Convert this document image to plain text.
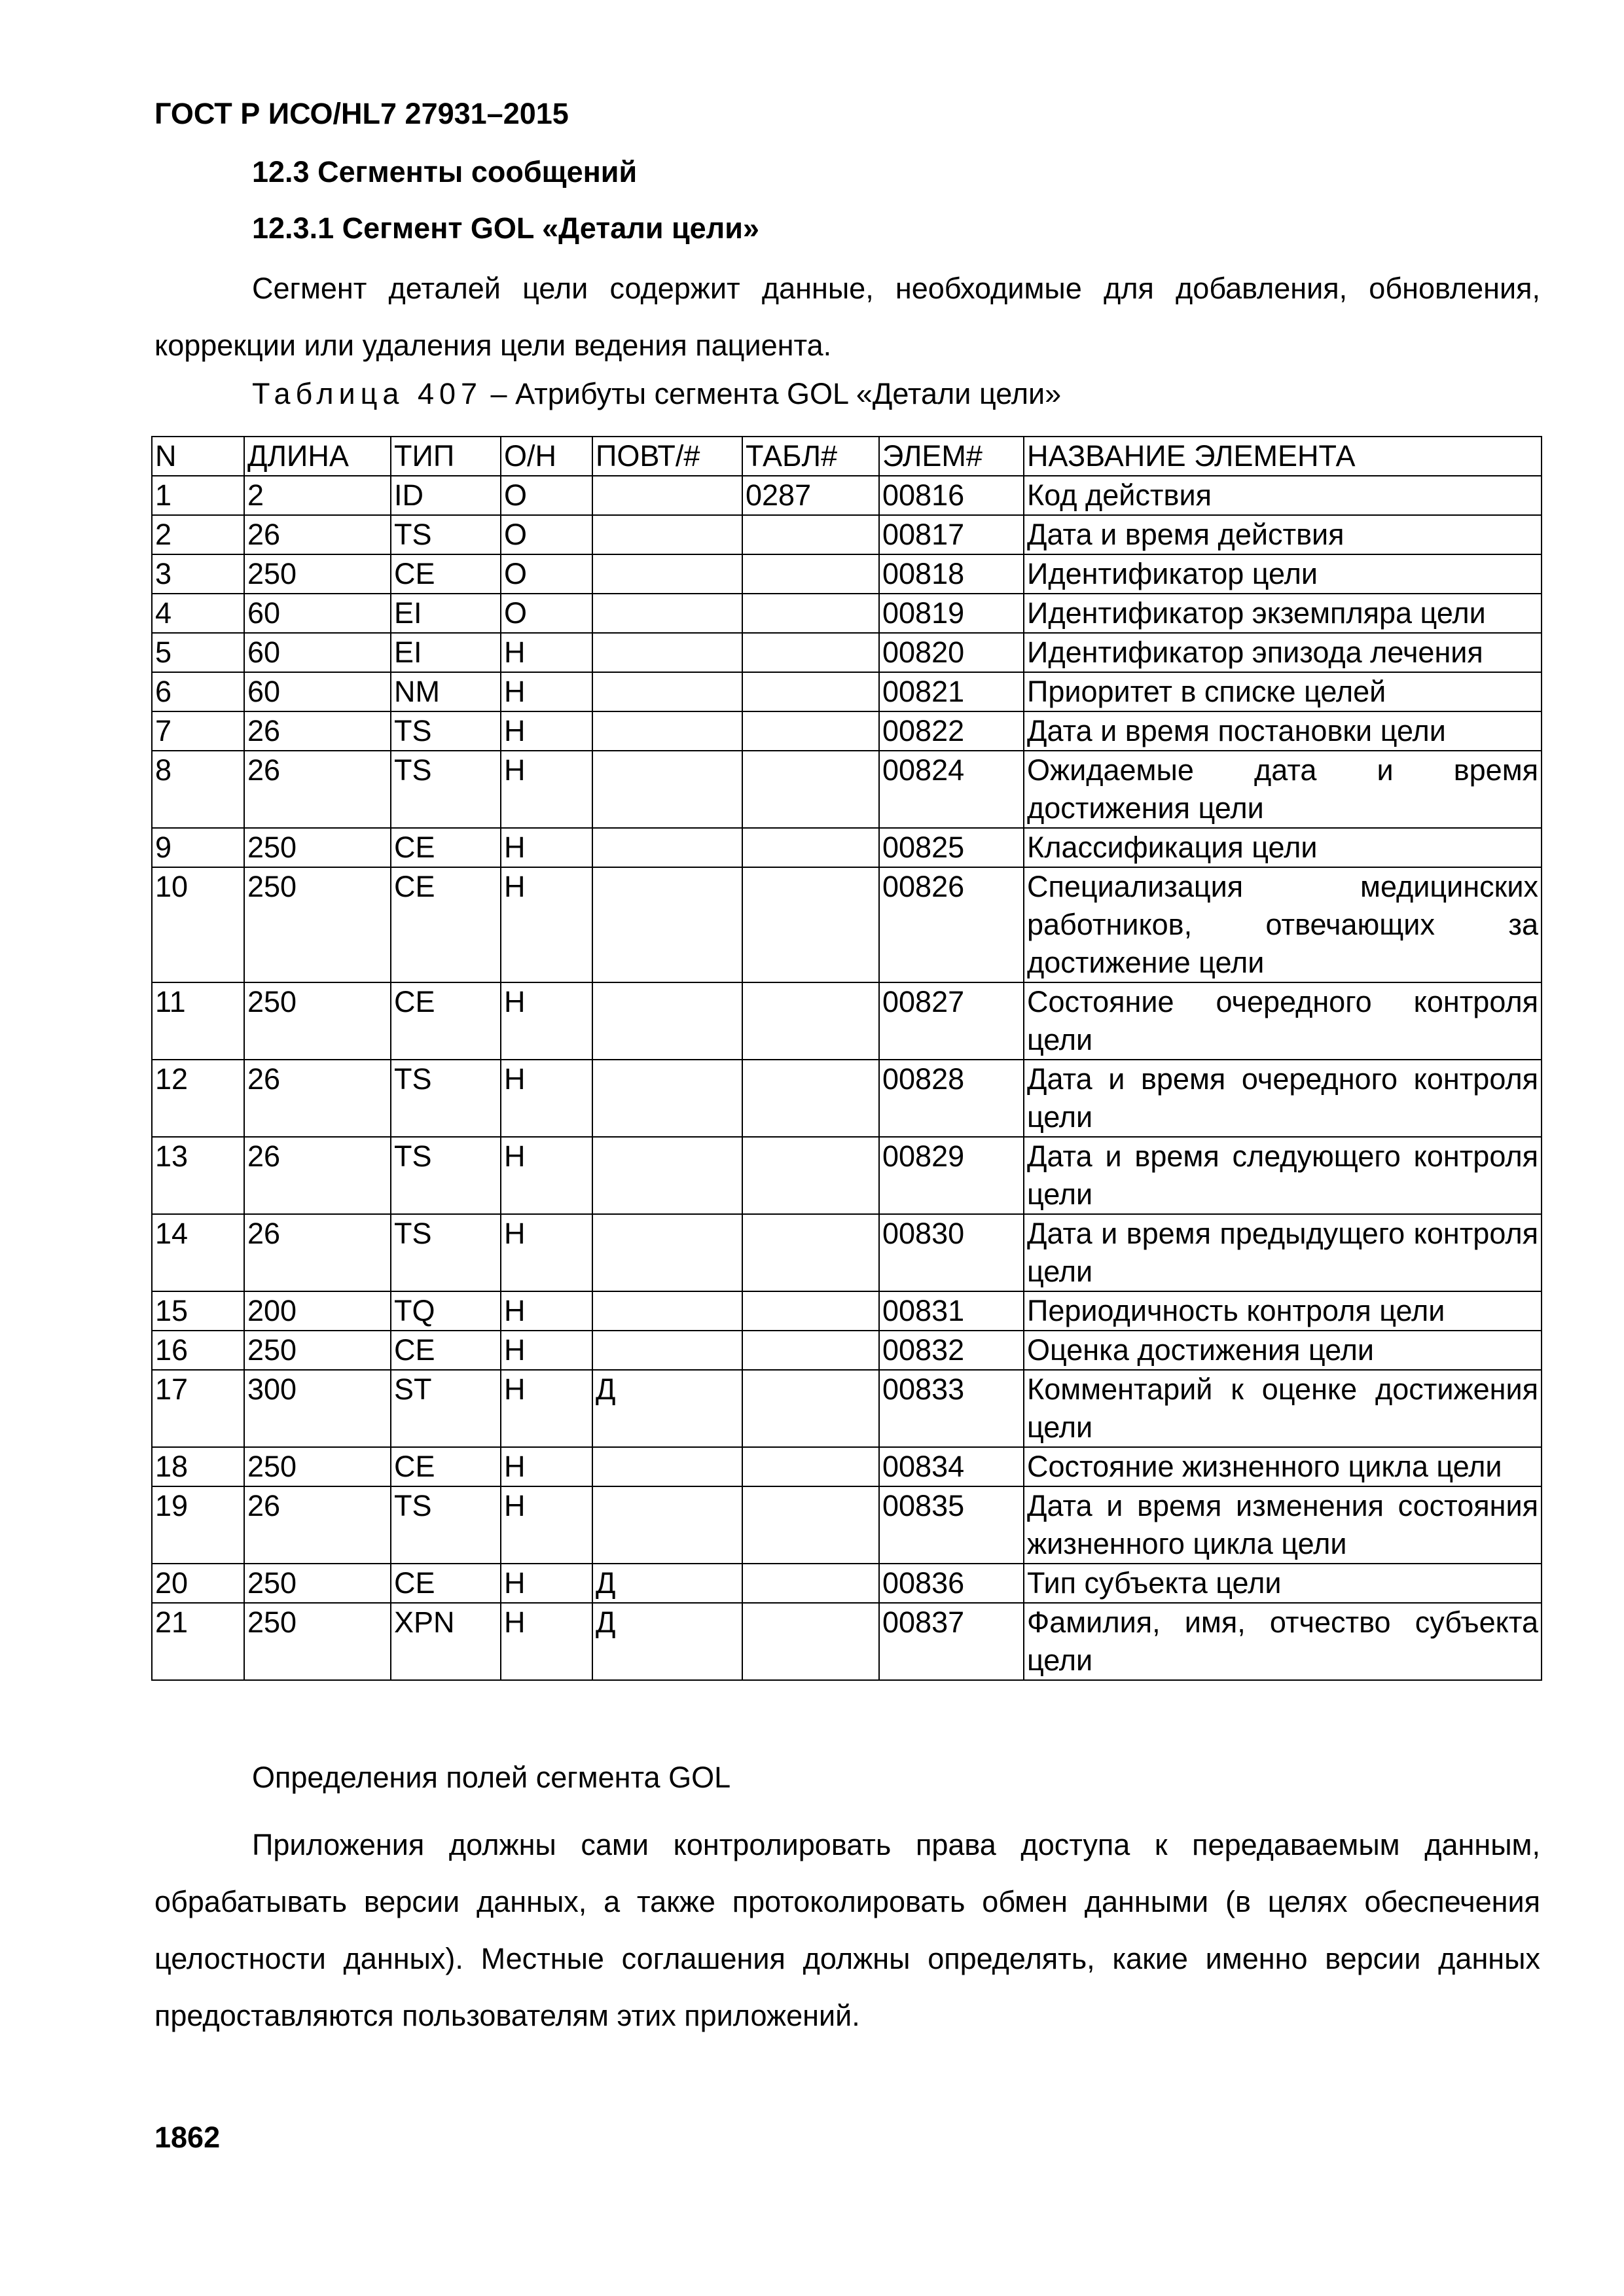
ГОСТ Р ИСО/HL7 27931–2015
12.3 Сегменты сообщений
12.3.1 Сегмент GOL «Детали цели»

Сегмент деталей цели содержит данные, необходимые для добавления, обновления, коррекции или удаления цели ведения пациента.

Таблица 407 – Атрибуты сегмента GOL «Детали цели»
N	ДЛИНА	ТИП	О/Н	ПОВТ/#	ТАБЛ#	ЭЛЕМ#	НАЗВАНИЕ ЭЛЕМЕНТА
1	2	ID	О		0287	00816	Код действия
2	26	TS	О			00817	Дата и время действия
3	250	CE	О			00818	Идентификатор цели
4	60	EI	О			00819	Идентификатор экземпляра цели
5	60	EI	Н			00820	Идентификатор эпизода лечения
6	60	NM	Н			00821	Приоритет в списке целей
7	26	TS	Н			00822	Дата и время постановки цели
8	26	TS	Н			00824	Ожидаемые дата и время достижения цели
9	250	CE	Н			00825	Классификация цели
10	250	CE	Н			00826	Специализация медицинских работников, отвечающих за достижение цели
11	250	CE	Н			00827	Состояние очередного контроля цели
12	26	TS	Н			00828	Дата и время очередного контроля цели
13	26	TS	Н			00829	Дата и время следующего контроля цели
14	26	TS	Н			00830	Дата и время предыдущего контроля цели
15	200	TQ	Н			00831	Периодичность контроля цели
16	250	CE	Н			00832	Оценка достижения цели
17	300	ST	Н	Д		00833	Комментарий к оценке достижения цели
18	250	CE	Н			00834	Состояние жизненного цикла цели
19	26	TS	Н			00835	Дата и время изменения состояния жизненного цикла цели
20	250	CE	Н	Д		00836	Тип субъекта цели
21	250	XPN	Н	Д		00837	Фамилия, имя, отчество субъекта цели
Определения полей сегмента GOL

Приложения должны сами контролировать права доступа к передаваемым данным, обрабатывать версии данных, а также протоколировать обмен данными (в целях обеспечения целостности данных). Местные соглашения должны определять, какие именно версии данных предоставляются пользователям этих приложений.

1862
